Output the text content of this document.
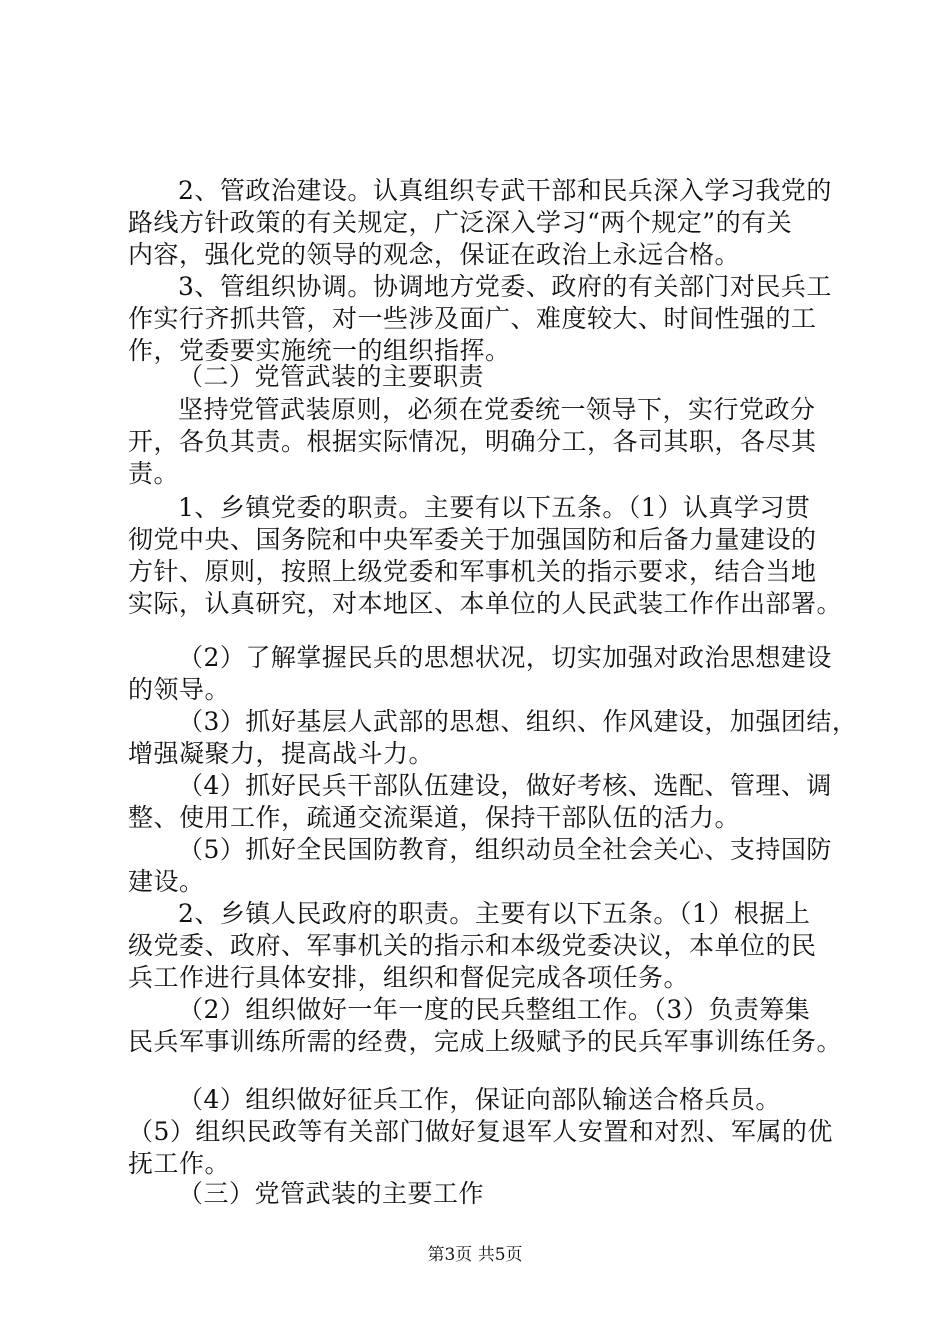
2、管政治建设。认真组织专武干部和民兵深入学习我党的
路线方针政策的有关规定，广泛深入学习“两个规定”的有关
内容，强化党的领导的观念，保证在政治上永远合格。
3、管组织协调。协调地方党委、政府的有关部门对民兵工
作实行齐抓共管，对一些涉及面广、难度较大、时间性强的工
作，党委要实施统一的组织指挥。
（二）党管武装的主要职责
坚持党管武装原则，必须在党委统一领导下，实行党政分
开，各负其责。根据实际情况，明确分工，各司其职，各尽其
责。
1、乡镇党委的职责。主要有以下五条。（1）认真学习贯
彻党中央、国务院和中央军委关于加强国防和后备力量建设的
方针、原则，按照上级党委和军事机关的指示要求，结合当地
实际，认真研究，对本地区、本单位的人民武装工作作出部署。
（2）了解掌握民兵的思想状况，切实加强对政治思想建设
的领导。
（3）抓好基层人武部的思想、组织、作风建设，加强团结，
增强凝聚力，提高战斗力。
（4）抓好民兵干部队伍建设，做好考核、选配、管理、调
整、使用工作，疏通交流渠道，保持干部队伍的活力。
（5）抓好全民国防教育，组织动员全社会关心、支持国防
建设。
2、乡镇人民政府的职责。主要有以下五条。（1）根据上
级党委、政府、军事机关的指示和本级党委决议，本单位的民
兵工作进行具体安排，组织和督促完成各项任务。
（2）组织做好一年一度的民兵整组工作。（3）负责筹集
民兵军事训练所需的经费，完成上级赋予的民兵军事训练任务。
（4）组织做好征兵工作，保证向部队输送合格兵员。
（5）组织民政等有关部门做好复退军人安置和对烈、军属的优
抚工作。
（三）党管武装的主要工作
第3页 共5页
